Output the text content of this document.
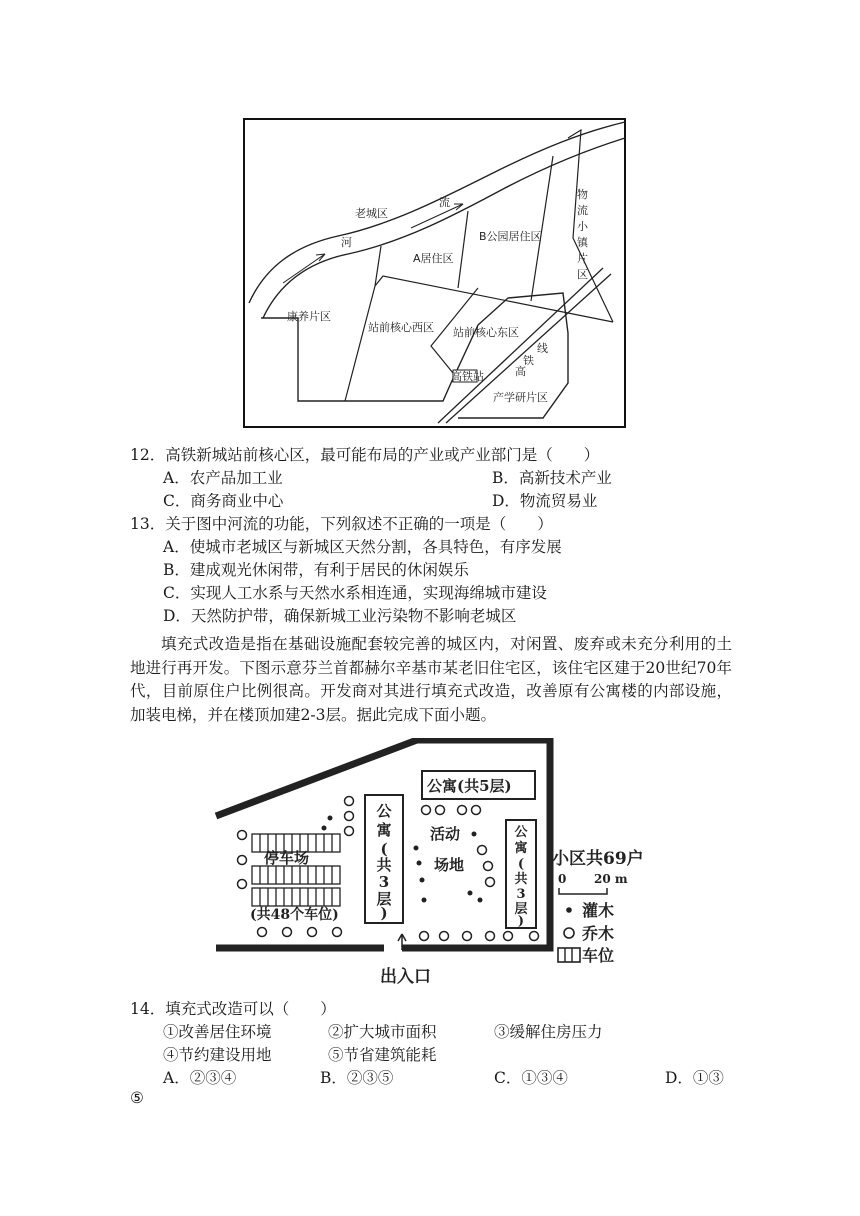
老城区
河
流
A居住区
B公园居住区
物
流
小
镇
片
区
康养片区
站前核心西区 站前核心东区
高铁站
线
铁
高
产学研片区
12．高铁新城站前核心区，最可能布局的产业或产业部门是（　　）
A．农产品加工业	B．高新技术产业
C．商务商业中心	D．物流贸易业
13．关于图中河流的功能，下列叙述不正确的一项是（　　）
A．使城市老城区与新城区天然分割，各具特色，有序发展
B．建成观光休闲带，有利于居民的休闲娱乐
C．实现人工水系与天然水系相连通，实现海绵城市建设
D．天然防护带，确保新城工业污染物不影响老城区
填充式改造是指在基础设施配套较完善的城区内，对闲置、废弃或未充分利用的土地进行再开发。下图示意芬兰首都赫尔辛基市某老旧住宅区，该住宅区建于20世纪70年代，目前原住户比例很高。开发商对其进行填充式改造，改善原有公寓楼的内部设施，加装电梯，并在楼顶加建2-3层。据此完成下面小题。
公寓(共5层)
公
寓
(
共
3
层
)
公
寓
(
共
3
层
)
停车场
(共48个车位)
活动
场地
出入口
小区共69户
0 20 m
灌木
乔木
车位
14．填充式改造可以（　　）
①改善居住环境	②扩大城市面积	③缓解住房压力
④节约建设用地	⑤节省建筑能耗
A．②③④	B．②③⑤	C．①③④	D．①③
⑤
